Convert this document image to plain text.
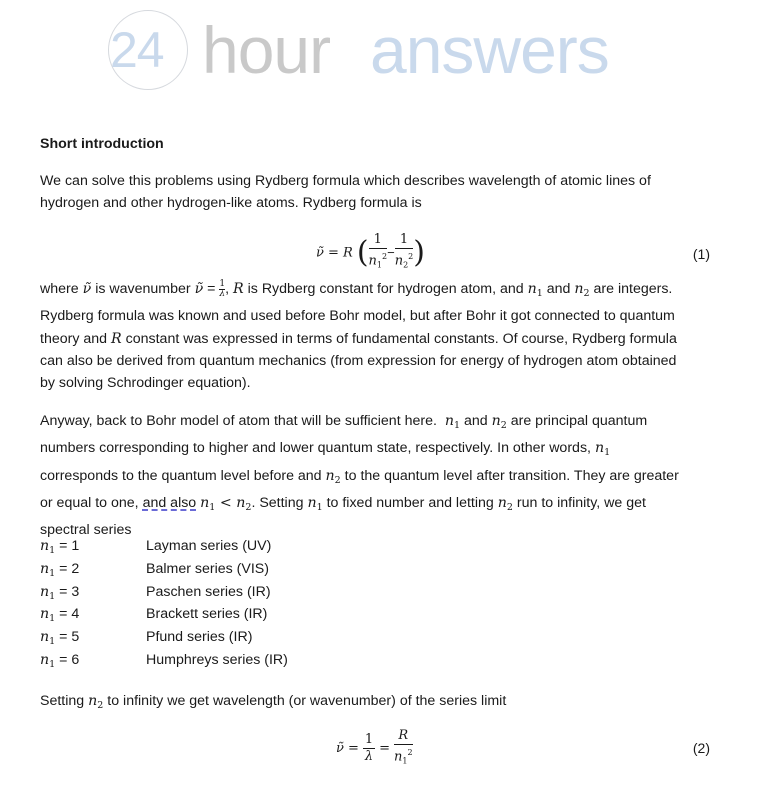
24 hour answers
Short introduction
We can solve this problems using Rydberg formula which describes wavelength of atomic lines of
hydrogen and other hydrogen-like atoms. Rydberg formula is
ν̃ = R ( $\frac{1}{n_1^2} - \frac{1}{n_2^2}$ )	(1)
where ν̃ is wavenumber ν̃ = $\frac{1}{\lambda}$, R is Rydberg constant for hydrogen atom, and $n_1$ and $n_2$ are integers.
Rydberg formula was known and used before Bohr model, but after Bohr it got connected to quantum
theory and R constant was expressed in terms of fundamental constants. Of course, Rydberg formula
can also be derived from quantum mechanics (from expression for energy of hydrogen atom obtained
by solving Schrodinger equation).
Anyway, back to Bohr model of atom that will be sufficient here. $n_1$ and $n_2$ are principal quantum
numbers corresponding to higher and lower quantum state, respectively. In other words, $n_1$
corresponds to the quantum level before and $n_2$ to the quantum level after transition. They are greater
or equal to one, and also $n_1 < n_2$. Setting $n_1$ to fixed number and letting $n_2$ run to infinity, we get
spectral series
$n_1 = 1$	Layman series (UV)
$n_1 = 2$	Balmer series (VIS)
$n_1 = 3$	Paschen series (IR)
$n_1 = 4$	Brackett series (IR)
$n_1 = 5$	Pfund series (IR)
$n_1 = 6$	Humphreys series (IR)
Setting $n_2$ to infinity we get wavelength (or wavenumber) of the series limit
ν̃ = $\frac{1}{\lambda} = \frac{R}{n_1^2}$	(2)
